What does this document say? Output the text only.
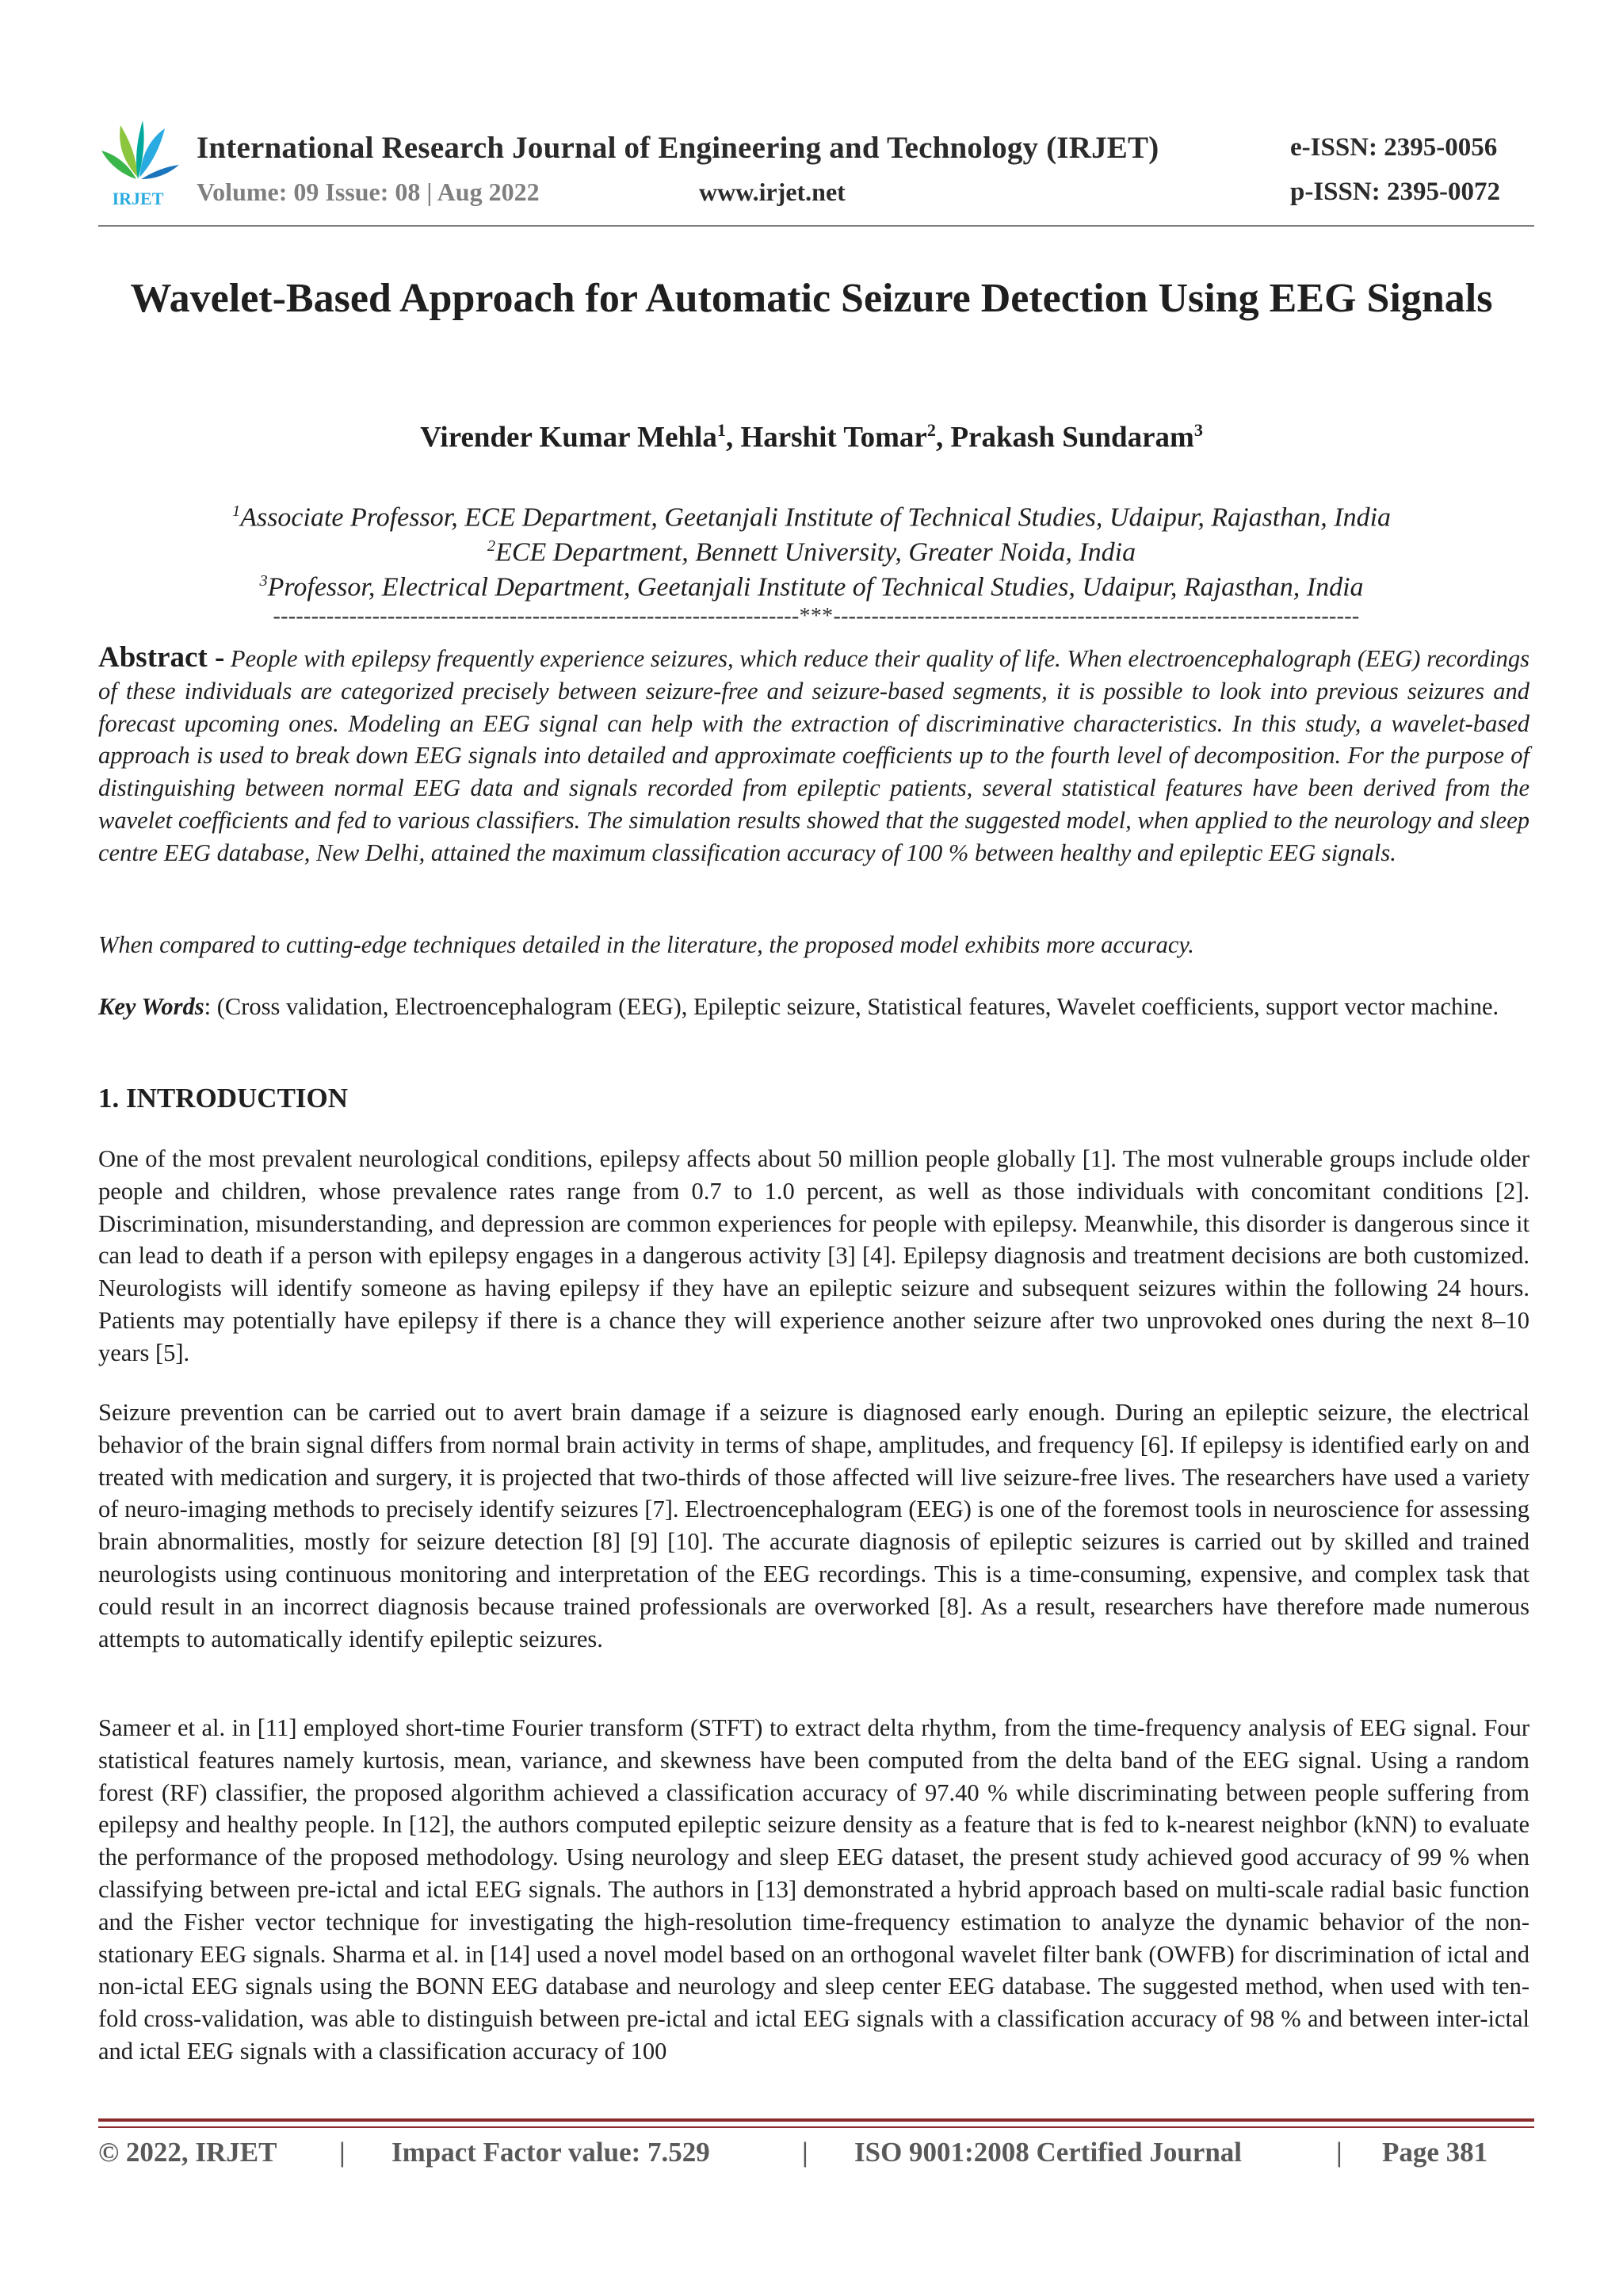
IRJET
International Research Journal of Engineering and Technology (IRJET)	e-ISSN: 2395-0056
Volume: 09 Issue: 08 | Aug 2022	www.irjet.net	p-ISSN: 2395-0072
Wavelet-Based Approach for Automatic Seizure Detection Using EEG Signals
Virender Kumar Mehla$^1$, Harshit Tomar$^2$, Prakash Sundaram$^3$
$^1$Associate Professor, ECE Department, Geetanjali Institute of Technical Studies, Udaipur, Rajasthan, India
$^2$ECE Department, Bennett University, Greater Noida, India
$^3$Professor, Electrical Department, Geetanjali Institute of Technical Studies, Udaipur, Rajasthan, India
---------------------------------------------------------------------***---------------------------------------------------------------------
Abstract - People with epilepsy frequently experience seizures, which reduce their quality of life. When electroencephalograph (EEG) recordings of these individuals are categorized precisely between seizure-free and seizure-based segments, it is possible to look into previous seizures and forecast upcoming ones. Modeling an EEG signal can help with the extraction of discriminative characteristics. In this study, a wavelet-based approach is used to break down EEG signals into detailed and approximate coefficients up to the fourth level of decomposition. For the purpose of distinguishing between normal EEG data and signals recorded from epileptic patients, several statistical features have been derived from the wavelet coefficients and fed to various classifiers. The simulation results showed that the suggested model, when applied to the neurology and sleep centre EEG database, New Delhi, attained the maximum classification accuracy of 100 % between healthy and epileptic EEG signals.
When compared to cutting-edge techniques detailed in the literature, the proposed model exhibits more accuracy.
Key Words: (Cross validation, Electroencephalogram (EEG), Epileptic seizure, Statistical features, Wavelet coefficients, support vector machine.
1. INTRODUCTION
One of the most prevalent neurological conditions, epilepsy affects about 50 million people globally [1]. The most vulnerable groups include older people and children, whose prevalence rates range from 0.7 to 1.0 percent, as well as those individuals with concomitant conditions [2]. Discrimination, misunderstanding, and depression are common experiences for people with epilepsy. Meanwhile, this disorder is dangerous since it can lead to death if a person with epilepsy engages in a dangerous activity [3] [4]. Epilepsy diagnosis and treatment decisions are both customized. Neurologists will identify someone as having epilepsy if they have an epileptic seizure and subsequent seizures within the following 24 hours. Patients may potentially have epilepsy if there is a chance they will experience another seizure after two unprovoked ones during the next 8–10 years [5].
Seizure prevention can be carried out to avert brain damage if a seizure is diagnosed early enough. During an epileptic seizure, the electrical behavior of the brain signal differs from normal brain activity in terms of shape, amplitudes, and frequency [6]. If epilepsy is identified early on and treated with medication and surgery, it is projected that two-thirds of those affected will live seizure-free lives. The researchers have used a variety of neuro-imaging methods to precisely identify seizures [7]. Electroencephalogram (EEG) is one of the foremost tools in neuroscience for assessing brain abnormalities, mostly for seizure detection [8] [9] [10]. The accurate diagnosis of epileptic seizures is carried out by skilled and trained neurologists using continuous monitoring and interpretation of the EEG recordings. This is a time-consuming, expensive, and complex task that could result in an incorrect diagnosis because trained professionals are overworked [8]. As a result, researchers have therefore made numerous attempts to automatically identify epileptic seizures.
Sameer et al. in [11] employed short-time Fourier transform (STFT) to extract delta rhythm, from the time-frequency analysis of EEG signal. Four statistical features namely kurtosis, mean, variance, and skewness have been computed from the delta band of the EEG signal. Using a random forest (RF) classifier, the proposed algorithm achieved a classification accuracy of 97.40 % while discriminating between people suffering from epilepsy and healthy people. In [12], the authors computed epileptic seizure density as a feature that is fed to k-nearest neighbor (kNN) to evaluate the performance of the proposed methodology. Using neurology and sleep EEG dataset, the present study achieved good accuracy of 99 % when classifying between pre-ictal and ictal EEG signals. The authors in [13] demonstrated a hybrid approach based on multi-scale radial basic function and the Fisher vector technique for investigating the high-resolution time-frequency estimation to analyze the dynamic behavior of the non-stationary EEG signals. Sharma et al. in [14] used a novel model based on an orthogonal wavelet filter bank (OWFB) for discrimination of ictal and non-ictal EEG signals using the BONN EEG database and neurology and sleep center EEG database. The suggested method, when used with ten-fold cross-validation, was able to distinguish between pre-ictal and ictal EEG signals with a classification accuracy of 98 % and between inter-ictal and ictal EEG signals with a classification accuracy of 100
© 2022, IRJET | Impact Factor value: 7.529	| ISO 9001:2008 Certified Journal	| Page 381
